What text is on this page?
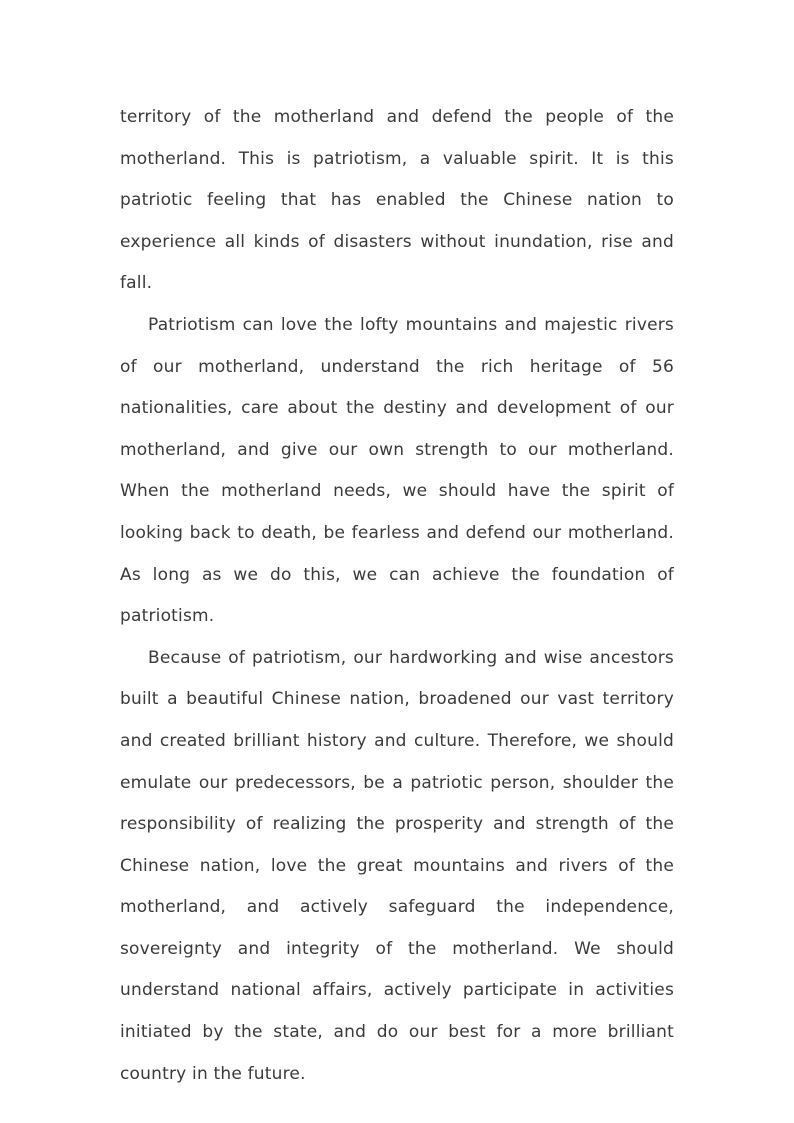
territory of the motherland and defend the people of the motherland. This is patriotism, a valuable spirit. It is this patriotic feeling that has enabled the Chinese nation to experience all kinds of disasters without inundation, rise and fall.

Patriotism can love the lofty mountains and majestic rivers of our motherland, understand the rich heritage of 56 nationalities, care about the destiny and development of our motherland, and give our own strength to our motherland. When the motherland needs, we should have the spirit of looking back to death, be fearless and defend our motherland. As long as we do this, we can achieve the foundation of patriotism.

Because of patriotism, our hardworking and wise ancestors built a beautiful Chinese nation, broadened our vast territory and created brilliant history and culture. Therefore, we should emulate our predecessors, be a patriotic person, shoulder the responsibility of realizing the prosperity and strength of the Chinese nation, love the great mountains and rivers of the motherland, and actively safeguard the independence, sovereignty and integrity of the motherland. We should understand national affairs, actively participate in activities initiated by the state, and do our best for a more brilliant country in the future.
